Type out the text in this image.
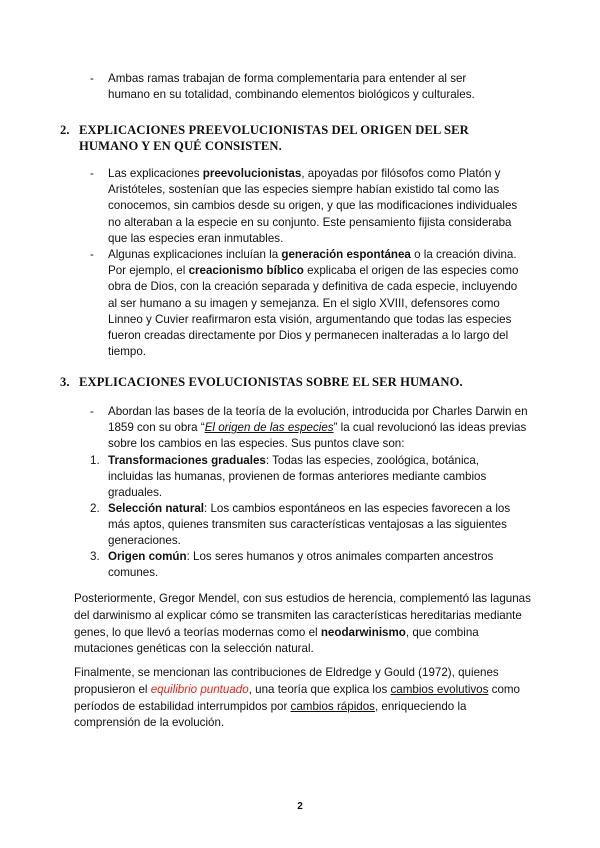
- Ambas ramas trabajan de forma complementaria para entender al ser humano en su totalidad, combinando elementos biológicos y culturales.
2. EXPLICACIONES PREEVOLUCIONISTAS DEL ORIGEN DEL SER HUMANO Y EN QUÉ CONSISTEN.
- Las explicaciones preevolucionistas, apoyadas por filósofos como Platón y Aristóteles, sostenían que las especies siempre habían existido tal como las conocemos, sin cambios desde su origen, y que las modificaciones individuales no alteraban a la especie en su conjunto. Este pensamiento fijista consideraba que las especies eran inmutables.
- Algunas explicaciones incluían la generación espontánea o la creación divina. Por ejemplo, el creacionismo bíblico explicaba el origen de las especies como obra de Dios, con la creación separada y definitiva de cada especie, incluyendo al ser humano a su imagen y semejanza. En el siglo XVIII, defensores como Linneo y Cuvier reafirmaron esta visión, argumentando que todas las especies fueron creadas directamente por Dios y permanecen inalteradas a lo largo del tiempo.
3. EXPLICACIONES EVOLUCIONISTAS SOBRE EL SER HUMANO.
- Abordan las bases de la teoría de la evolución, introducida por Charles Darwin en 1859 con su obra “El origen de las especies” la cual revolucionó las ideas previas sobre los cambios en las especies. Sus puntos clave son:
1. Transformaciones graduales: Todas las especies, zoológica, botánica, incluidas las humanas, provienen de formas anteriores mediante cambios graduales.
2. Selección natural: Los cambios espontáneos en las especies favorecen a los más aptos, quienes transmiten sus características ventajosas a las siguientes generaciones.
3. Origen común: Los seres humanos y otros animales comparten ancestros comunes.
Posteriormente, Gregor Mendel, con sus estudios de herencia, complementó las lagunas del darwinismo al explicar cómo se transmiten las características hereditarias mediante genes, lo que llevó a teorías modernas como el neodarwinismo, que combina mutaciones genéticas con la selección natural.
Finalmente, se mencionan las contribuciones de Eldredge y Gould (1972), quienes propusieron el equilibrio puntuado, una teoría que explica los cambios evolutivos como períodos de estabilidad interrumpidos por cambios rápidos, enriqueciendo la comprensión de la evolución.
2
